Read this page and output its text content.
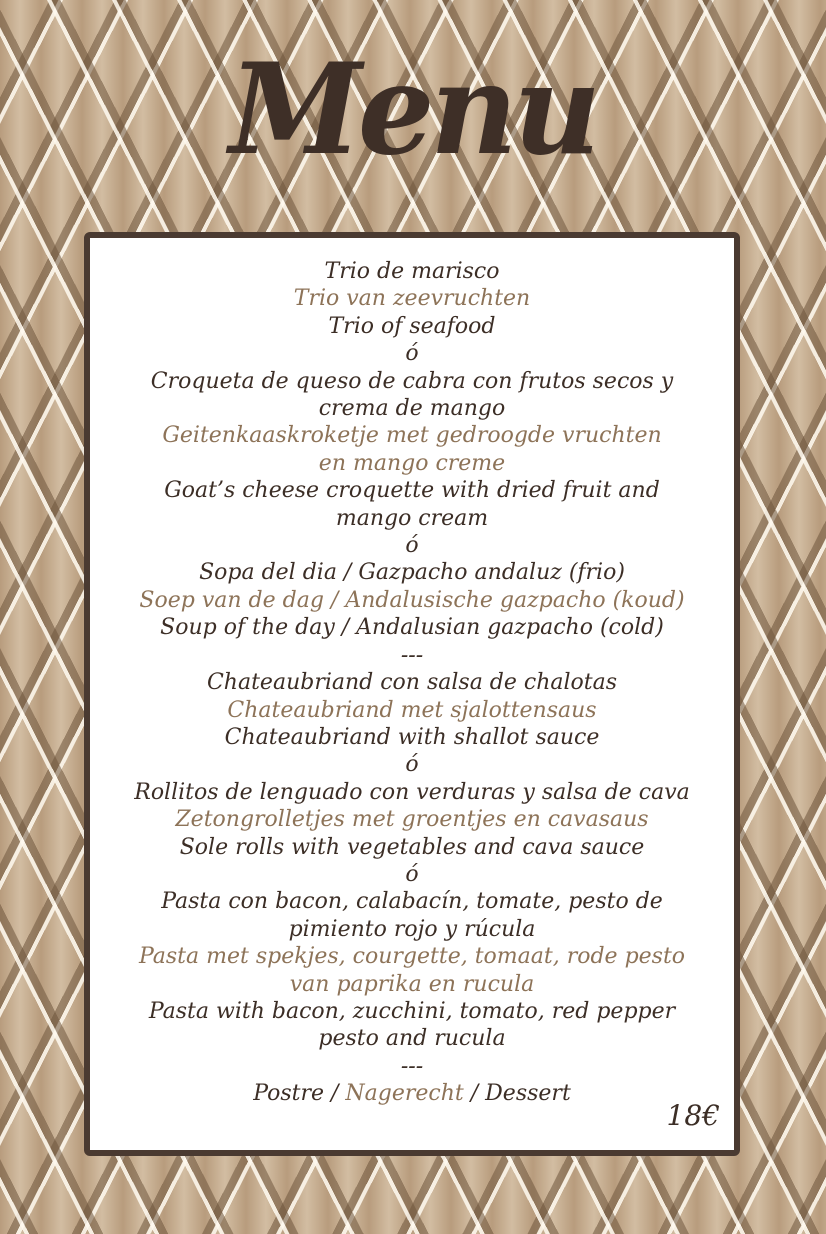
Menu
Trio de marisco
Trio van zeevruchten
Trio of seafood
ó
Croqueta de queso de cabra con frutos secos y
crema de mango
Geitenkaaskroketje met gedroogde vruchten
en mango creme
Goat’s cheese croquette with dried fruit and
mango cream
ó
Sopa del dia / Gazpacho andaluz (frio)
Soep van de dag / Andalusische gazpacho (koud)
Soup of the day / Andalusian gazpacho (cold)
---
Chateaubriand con salsa de chalotas
Chateaubriand met sjalottensaus
Chateaubriand with shallot sauce
ó
Rollitos de lenguado con verduras y salsa de cava
Zetongrolletjes met groentjes en cavasaus
Sole rolls with vegetables and cava sauce
ó
Pasta con bacon, calabacín, tomate, pesto de
pimiento rojo y rúcula
Pasta met spekjes, courgette, tomaat, rode pesto
van paprika en rucula
Pasta with bacon, zucchini, tomato, red pepper
pesto and rucula
---
Postre / Nagerecht / Dessert
18€
